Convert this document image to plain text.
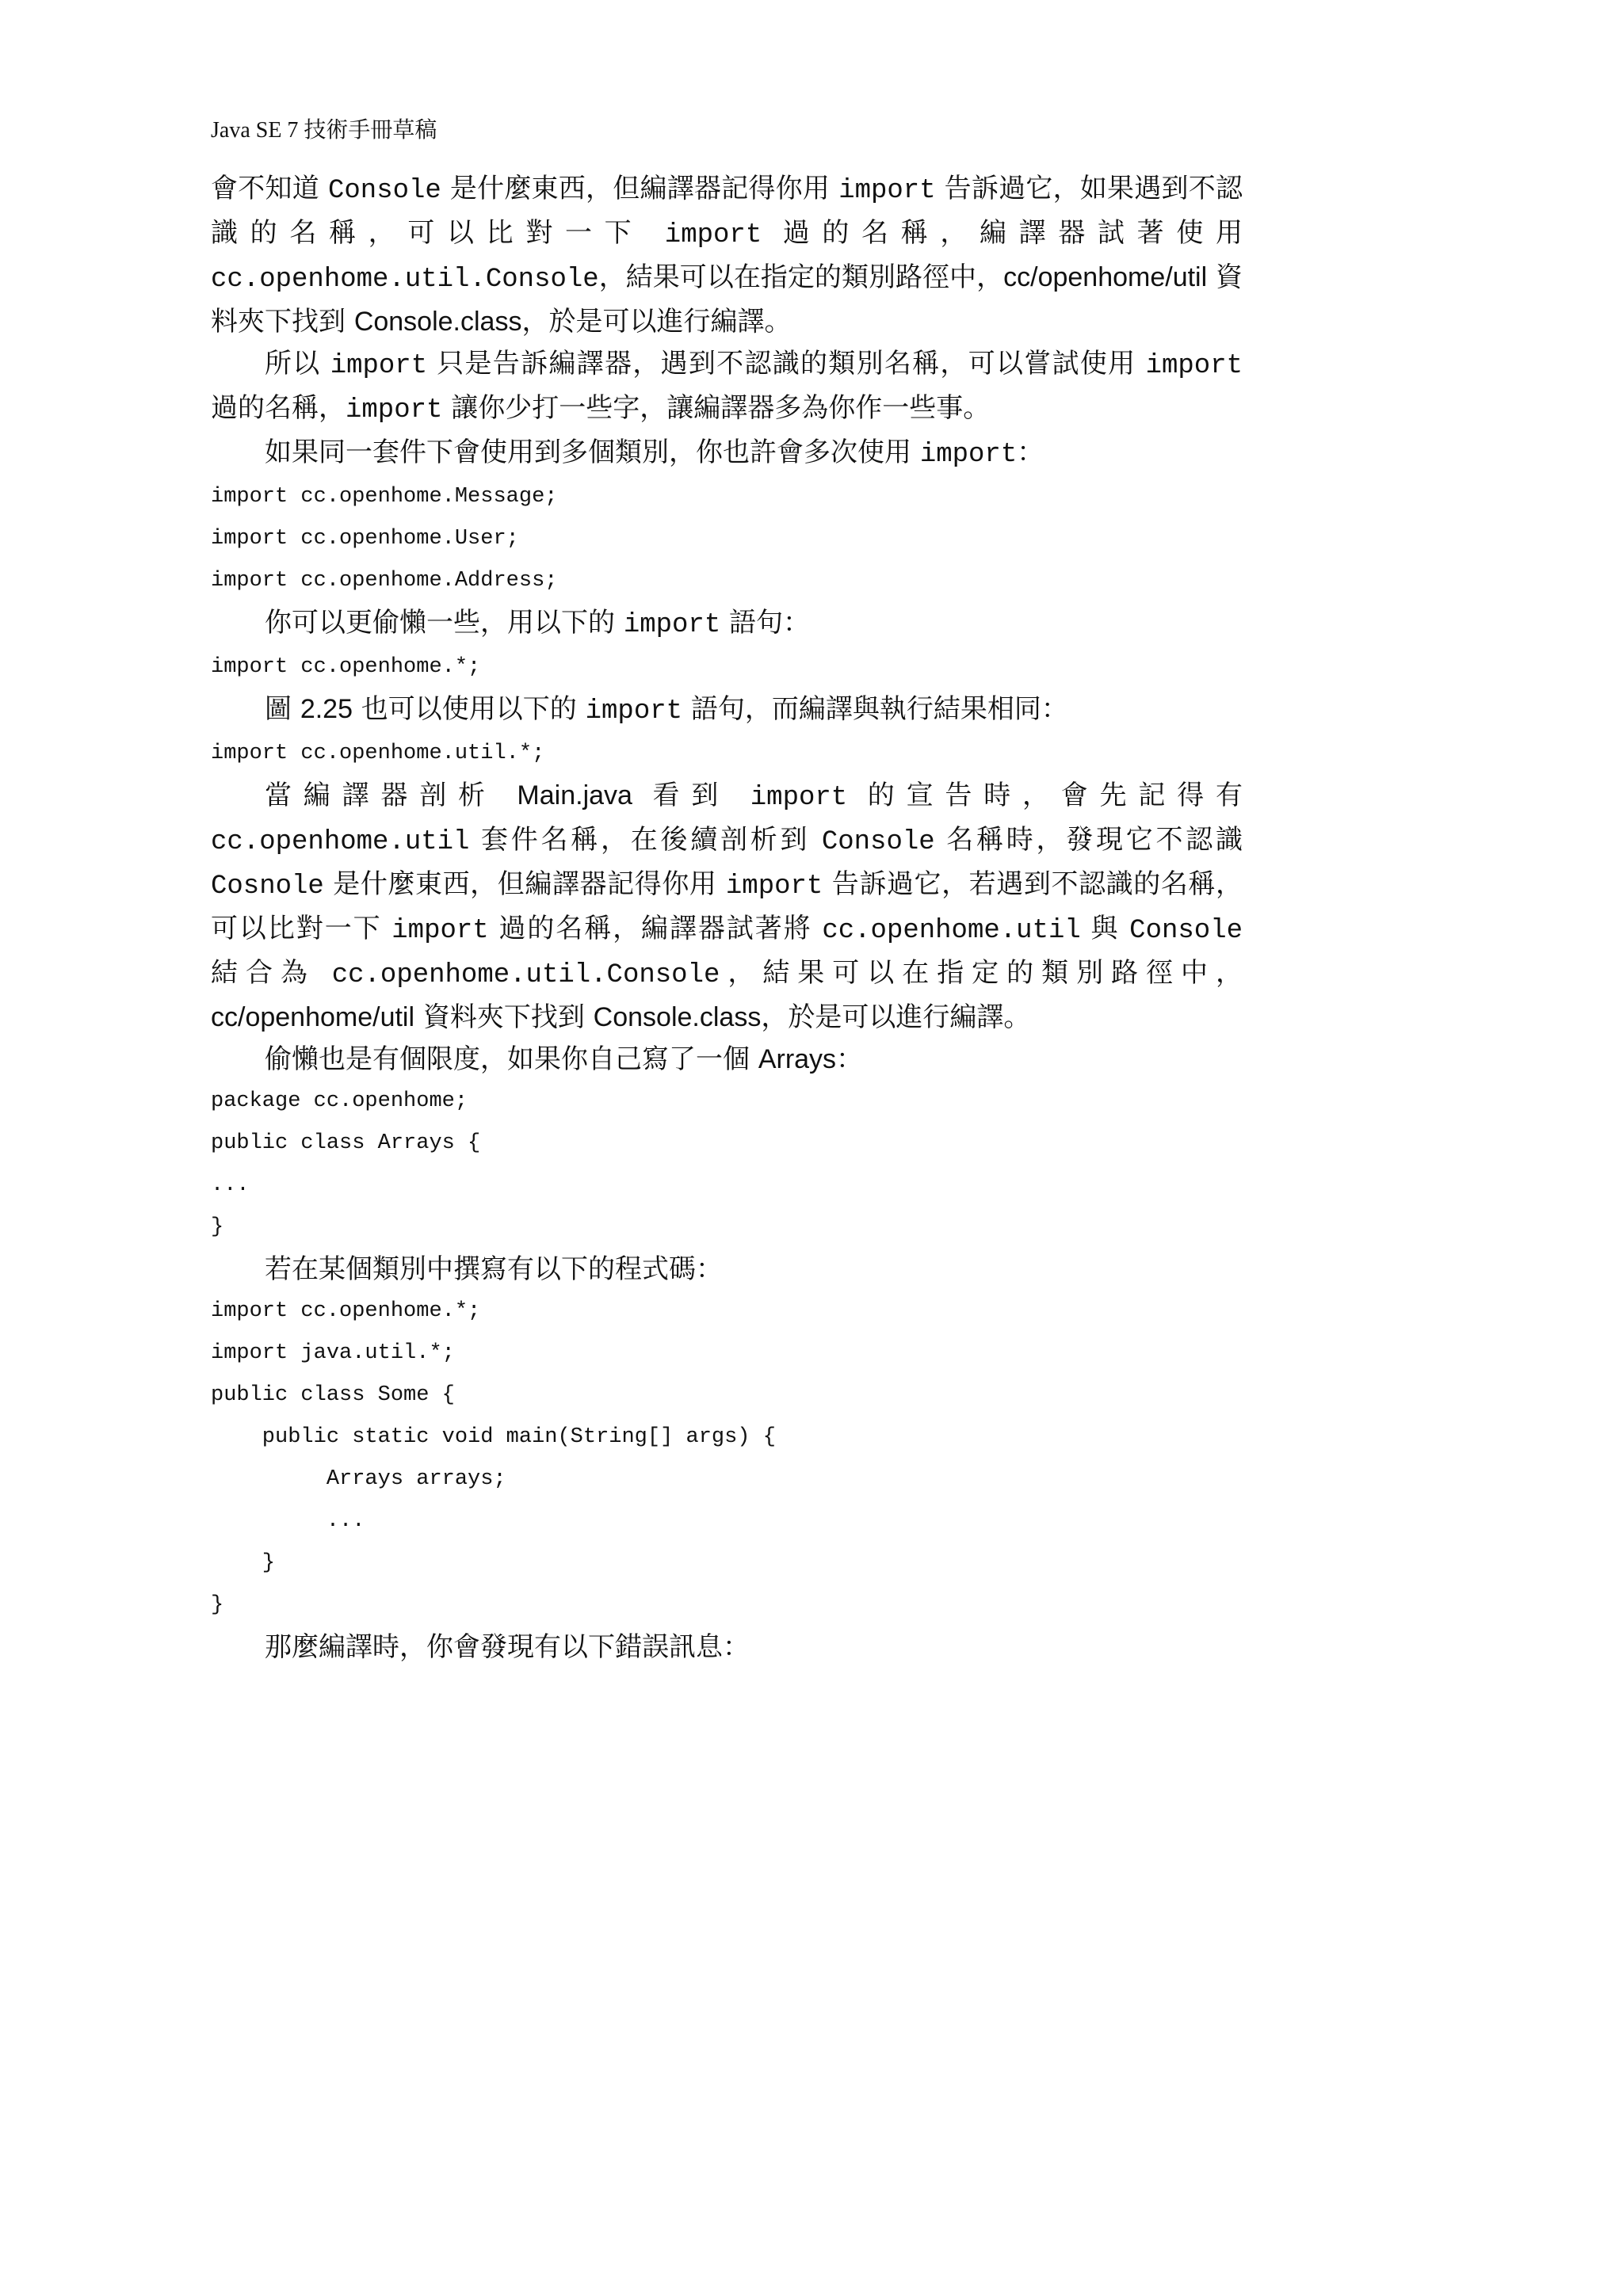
Java SE 7 技術手冊草稿

會不知道 Console 是什麼東西，但編譯器記得你用 import 告訴過它，如果遇到不認識的名稱，可以比對一下 import 過的名稱，編譯器試著使用 cc.openhome.util.Console，結果可以在指定的類別路徑中，cc/openhome/util 資料夾下找到 Console.class，於是可以進行編譯。

所以 import 只是告訴編譯器，遇到不認識的類別名稱，可以嘗試使用 import 過的名稱，import 讓你少打一些字，讓編譯器多為你作一些事。

如果同一套件下會使用到多個類別，你也許會多次使用 import：

import cc.openhome.Message;
import cc.openhome.User;
import cc.openhome.Address;

你可以更偷懶一些，用以下的 import 語句：

import cc.openhome.*;

圖 2.25 也可以使用以下的 import 語句，而編譯與執行結果相同：

import cc.openhome.util.*;

當編譯器剖析 Main.java 看到 import 的宣告時，會先記得有 cc.openhome.util 套件名稱，在後續剖析到 Console 名稱時，發現它不認識 Cosnole 是什麼東西，但編譯器記得你用 import 告訴過它，若遇到不認識的名稱，可以比對一下 import 過的名稱，編譯器試著將 cc.openhome.util 與 Console 結合為 cc.openhome.util.Console，結果可以在指定的類別路徑中，cc/openhome/util 資料夾下找到 Console.class，於是可以進行編譯。

偷懶也是有個限度，如果你自己寫了一個 Arrays：

package cc.openhome;
public class Arrays {
...
}

若在某個類別中撰寫有以下的程式碼：

import cc.openhome.*;
import java.util.*;
public class Some {
public static void main(String[] args) {
Arrays arrays;
...
}
}

那麼編譯時，你會發現有以下錯誤訊息：
